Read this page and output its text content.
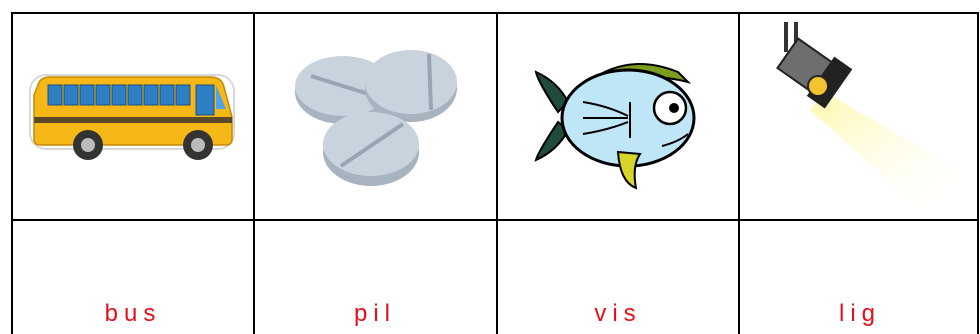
bus	pil	vis	lig
